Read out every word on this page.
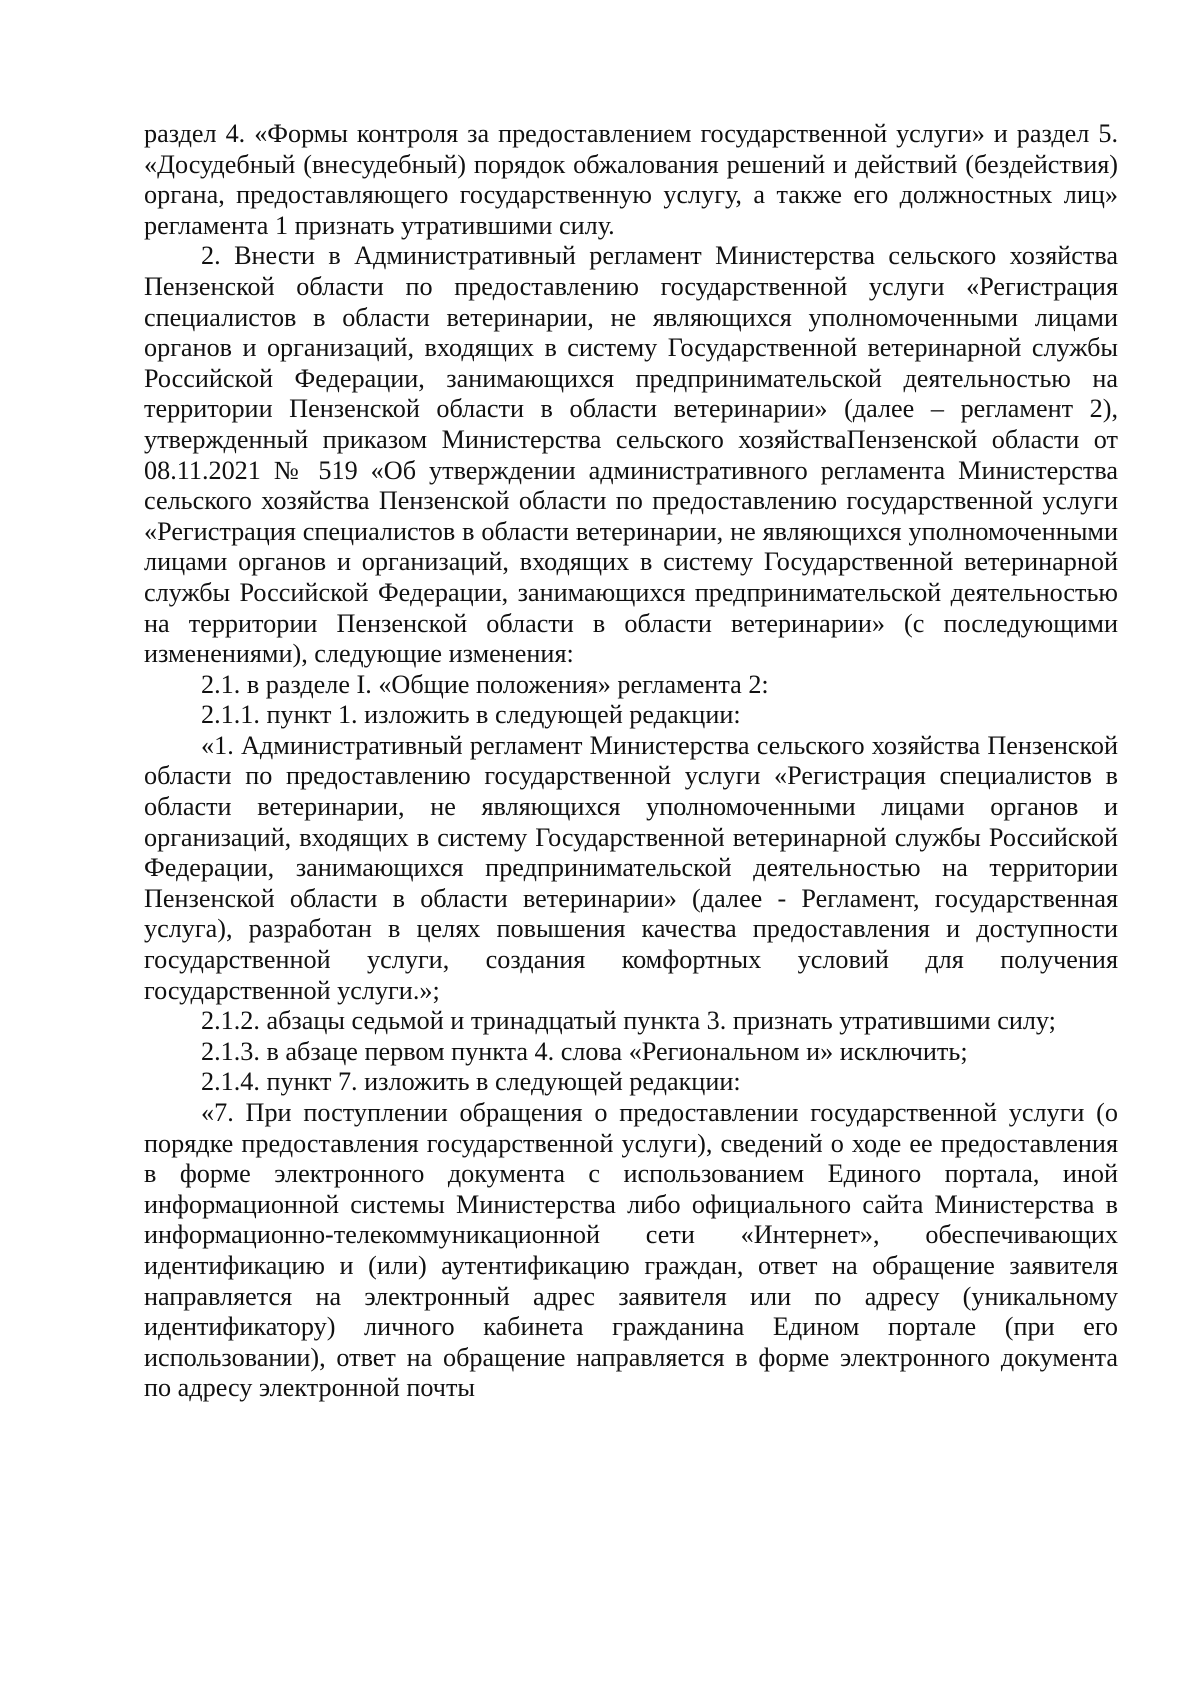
раздел 4. «Формы контроля за предоставлением государственной услуги» и раздел 5. «Досудебный (внесудебный) порядок обжалования решений и действий (бездействия) органа, предоставляющего государственную услугу, а также его должностных лиц» регламента 1 признать утратившими силу.

2. Внести в Административный регламент Министерства сельского хозяйства Пензенской области по предоставлению государственной услуги «Регистрация специалистов в области ветеринарии, не являющихся уполномоченными лицами органов и организаций, входящих в систему Государственной ветеринарной службы Российской Федерации, занимающихся предпринимательской деятельностью на территории Пензенской области в области ветеринарии» (далее – регламент 2), утвержденный приказом Министерства сельского хозяйстваПензенской области от 08.11.2021 № 519 «Об утверждении административного регламента Министерства сельского хозяйства Пензенской области по предоставлению государственной услуги «Регистрация специалистов в области ветеринарии, не являющихся уполномоченными лицами органов и организаций, входящих в систему Государственной ветеринарной службы Российской Федерации, занимающихся предпринимательской деятельностью на территории Пензенской области в области ветеринарии» (с последующими изменениями), следующие изменения:

2.1. в разделе I. «Общие положения» регламента 2:

2.1.1. пункт 1. изложить в следующей редакции:

«1. Административный регламент Министерства сельского хозяйства Пензенской области по предоставлению государственной услуги «Регистрация специалистов в области ветеринарии, не являющихся уполномоченными лицами органов и организаций, входящих в систему Государственной ветеринарной службы Российской Федерации, занимающихся предпринимательской деятельностью на территории Пензенской области в области ветеринарии» (далее - Регламент, государственная услуга), разработан в целях повышения качества предоставления и доступности государственной услуги, создания комфортных условий для получения государственной услуги.»;

2.1.2. абзацы седьмой и тринадцатый пункта 3. признать утратившими силу;

2.1.3. в абзаце первом пункта 4. слова «Региональном и» исключить;

2.1.4. пункт 7. изложить в следующей редакции:

«7. При поступлении обращения о предоставлении государственной услуги (о порядке предоставления государственной услуги), сведений о ходе ее предоставления в форме электронного документа с использованием Единого портала, иной информационной системы Министерства либо официального сайта Министерства в информационно-телекоммуникационной сети «Интернет», обеспечивающих идентификацию и (или) аутентификацию граждан, ответ на обращение заявителя направляется на электронный адрес заявителя или по адресу (уникальному идентификатору) личного кабинета гражданина Едином портале (при его использовании), ответ на обращение направляется в форме электронного документа по адресу электронной почты
